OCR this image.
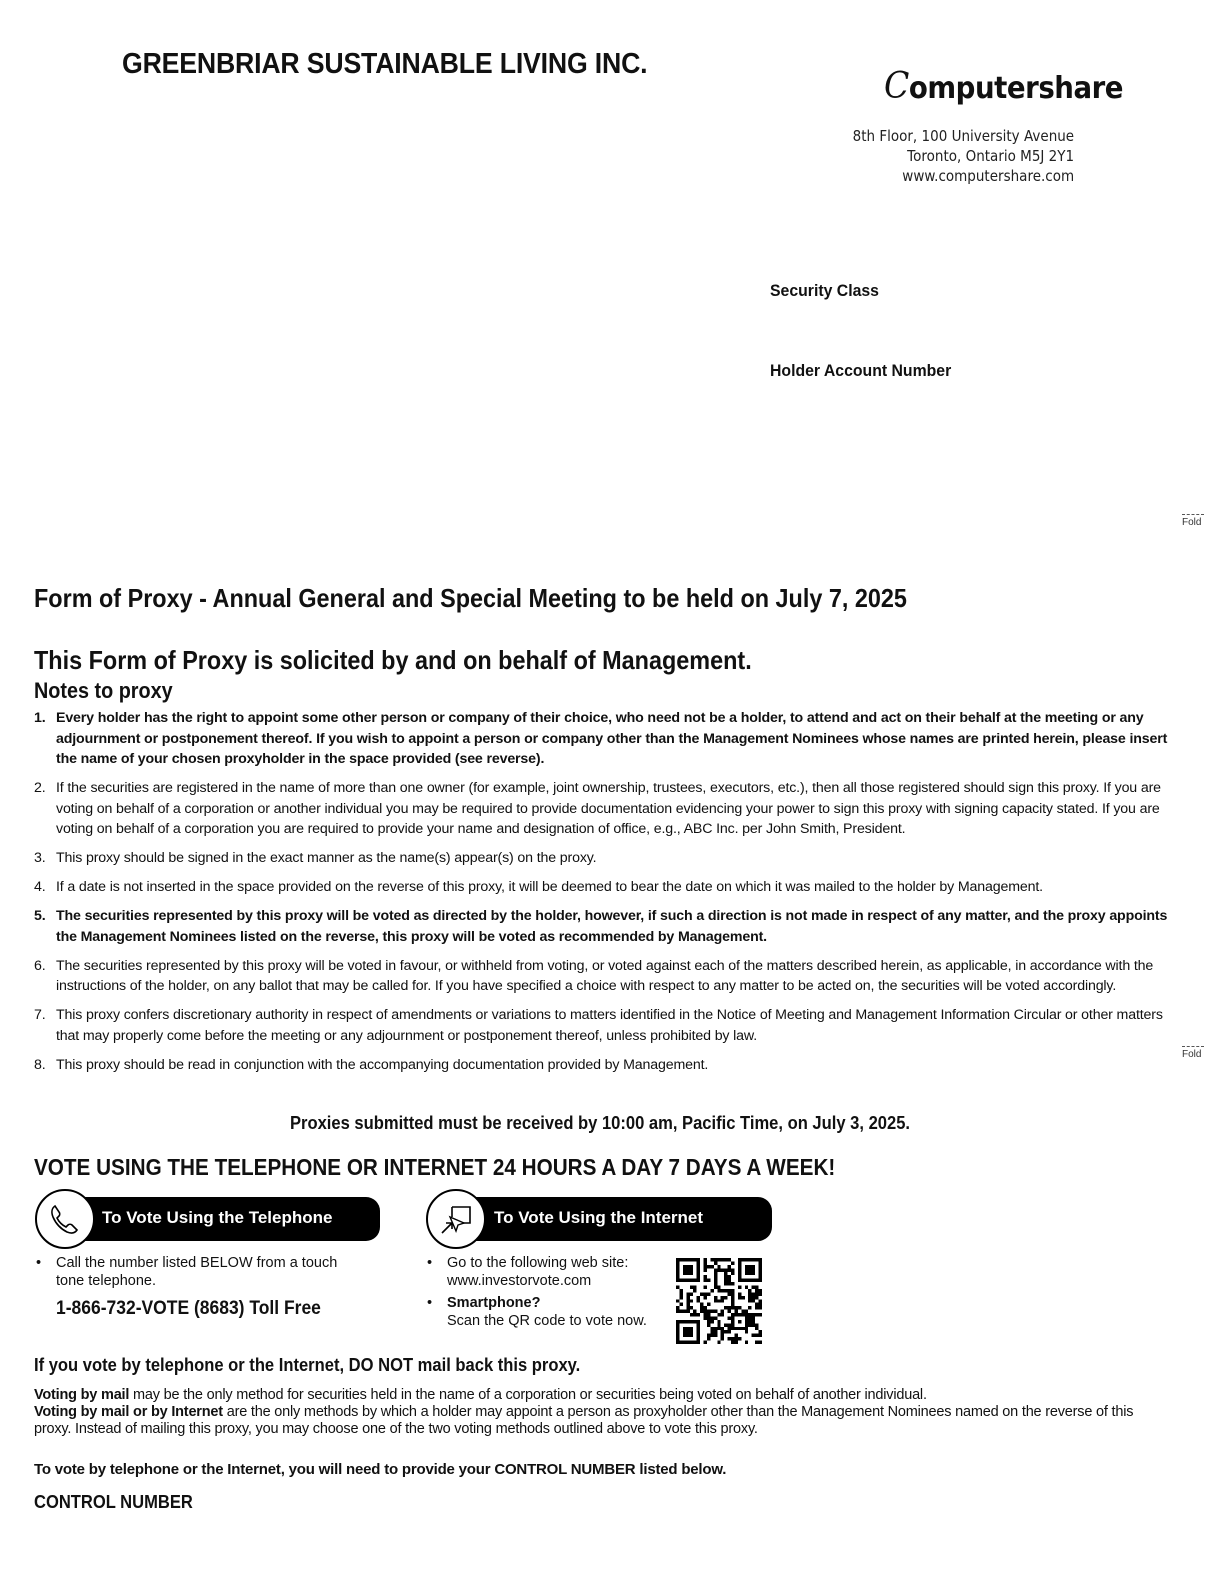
GREENBRIAR SUSTAINABLE LIVING INC.
Computershare
8th Floor, 100 University Avenue
Toronto, Ontario M5J 2Y1
www.computershare.com
Security Class
Holder Account Number
Fold
Fold
Form of Proxy - Annual General and Special Meeting to be held on July 7, 2025
This Form of Proxy is solicited by and on behalf of Management.
Notes to proxy
1. Every holder has the right to appoint some other person or company of their choice, who need not be a holder, to attend and act on their behalf at the meeting or any adjournment or postponement thereof. If you wish to appoint a person or company other than the Management Nominees whose names are printed herein, please insert the name of your chosen proxyholder in the space provided (see reverse).
2. If the securities are registered in the name of more than one owner (for example, joint ownership, trustees, executors, etc.), then all those registered should sign this proxy. If you are voting on behalf of a corporation or another individual you may be required to provide documentation evidencing your power to sign this proxy with signing capacity stated. If you are voting on behalf of a corporation you are required to provide your name and designation of office, e.g., ABC Inc. per John Smith, President.
3. This proxy should be signed in the exact manner as the name(s) appear(s) on the proxy.
4. If a date is not inserted in the space provided on the reverse of this proxy, it will be deemed to bear the date on which it was mailed to the holder by Management.
5. The securities represented by this proxy will be voted as directed by the holder, however, if such a direction is not made in respect of any matter, and the proxy appoints the Management Nominees listed on the reverse, this proxy will be voted as recommended by Management.
6. The securities represented by this proxy will be voted in favour, or withheld from voting, or voted against each of the matters described herein, as applicable, in accordance with the instructions of the holder, on any ballot that may be called for. If you have specified a choice with respect to any matter to be acted on, the securities will be voted accordingly.
7. This proxy confers discretionary authority in respect of amendments or variations to matters identified in the Notice of Meeting and Management Information Circular or other matters that may properly come before the meeting or any adjournment or postponement thereof, unless prohibited by law.
8. This proxy should be read in conjunction with the accompanying documentation provided by Management.
Proxies submitted must be received by 10:00 am, Pacific Time, on July 3, 2025.
VOTE USING THE TELEPHONE OR INTERNET 24 HOURS A DAY 7 DAYS A WEEK!
To Vote Using the Telephone	To Vote Using the Internet
• Call the number listed BELOW from a touch tone telephone.
1-866-732-VOTE (8683) Toll Free
• Go to the following web site:
www.investorvote.com
• Smartphone?
Scan the QR code to vote now.
If you vote by telephone or the Internet, DO NOT mail back this proxy.
Voting by mail may be the only method for securities held in the name of a corporation or securities being voted on behalf of another individual.
Voting by mail or by Internet are the only methods by which a holder may appoint a person as proxyholder other than the Management Nominees named on the reverse of this proxy. Instead of mailing this proxy, you may choose one of the two voting methods outlined above to vote this proxy.
To vote by telephone or the Internet, you will need to provide your CONTROL NUMBER listed below.
CONTROL NUMBER
